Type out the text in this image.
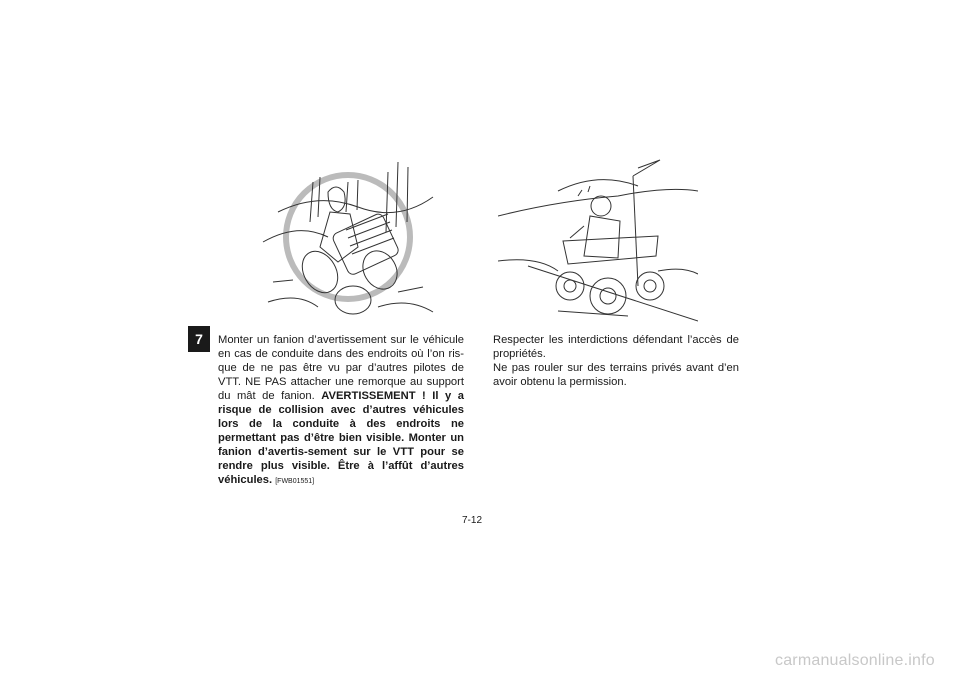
7	Monter un fanion d’avertissement sur le véhicule en cas de conduite dans des endroits où l’on ris-que de ne pas être vu par d’autres pilotes de VTT. NE PAS attacher une remorque au support du mât de fanion. AVERTISSEMENT ! Il y a risque de collision avec d’autres véhicules lors de la conduite à des endroits ne permettant pas d’être bien visible. Monter un fanion d’avertis-sement sur le VTT pour se rendre plus visible. Être à l’affût d’autres véhicules. [FWB01551]
Respecter les interdictions défendant l’accès de propriétés.
Ne pas rouler sur des terrains privés avant d’en avoir obtenu la permission.
7-12
carmanualsonline.info
